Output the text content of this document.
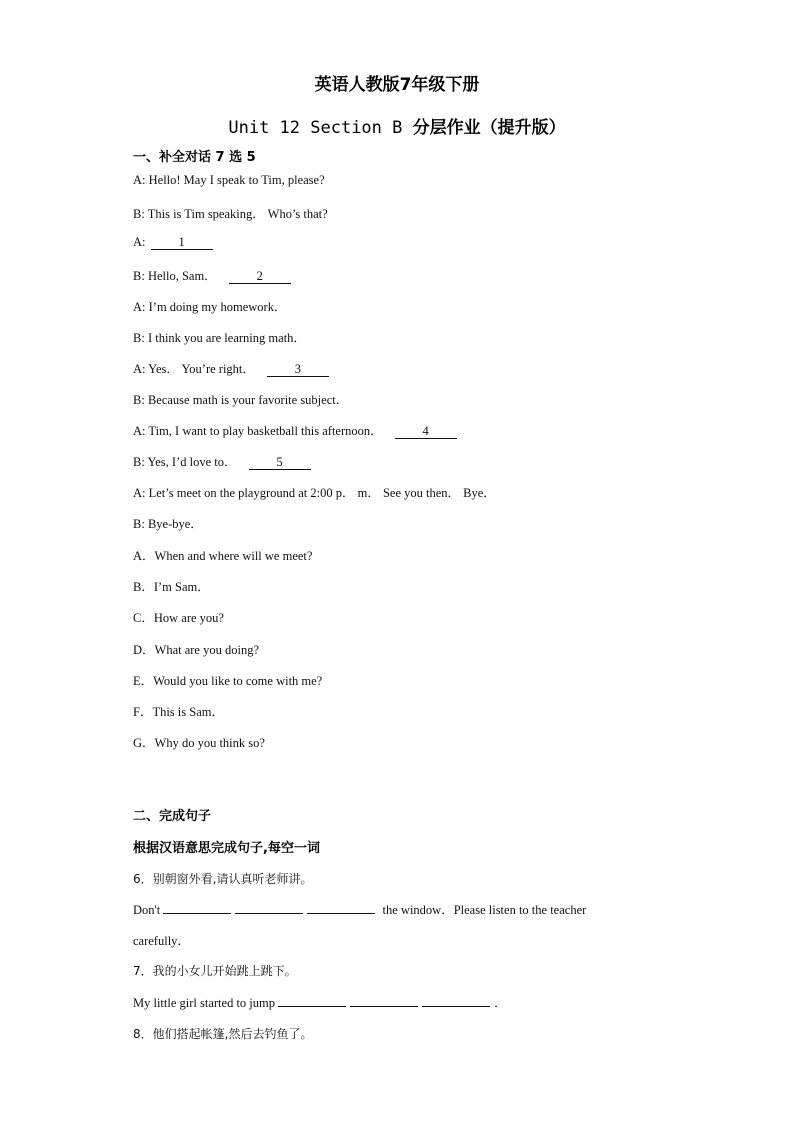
英语人教版7年级下册
Unit 12 Section B 分层作业（提升版）
一、补全对话 7 选 5
A: Hello! May I speak to Tim, please?
B: This is Tim speaking． Who’s that?
A:	1
B: Hello, Sam．	2
A: I’m doing my homework．
B: I think you are learning math．
A: Yes． You’re right．	3
B: Because math is your favorite subject．
A: Tim, I want to play basketball this afternoon．	4
B: Yes, I’d love to．	5
A: Let’s meet on the playground at 2:00 p． m． See you then． Bye．
B: Bye-bye．
A．When and where will we meet?
B．I’m Sam．
C．How are you?
D．What are you doing?
E．Would you like to come with me?
F．This is Sam．
G．Why do you think so?
二、完成句子
根据汉语意思完成句子,每空一词
6．别朝窗外看,请认真听老师讲。
Don't	the window．Please listen to the teacher
carefully．
7．我的小女儿开始跳上跳下。
My little girl started to jump	．
8．他们搭起帐篷,然后去钓鱼了。
